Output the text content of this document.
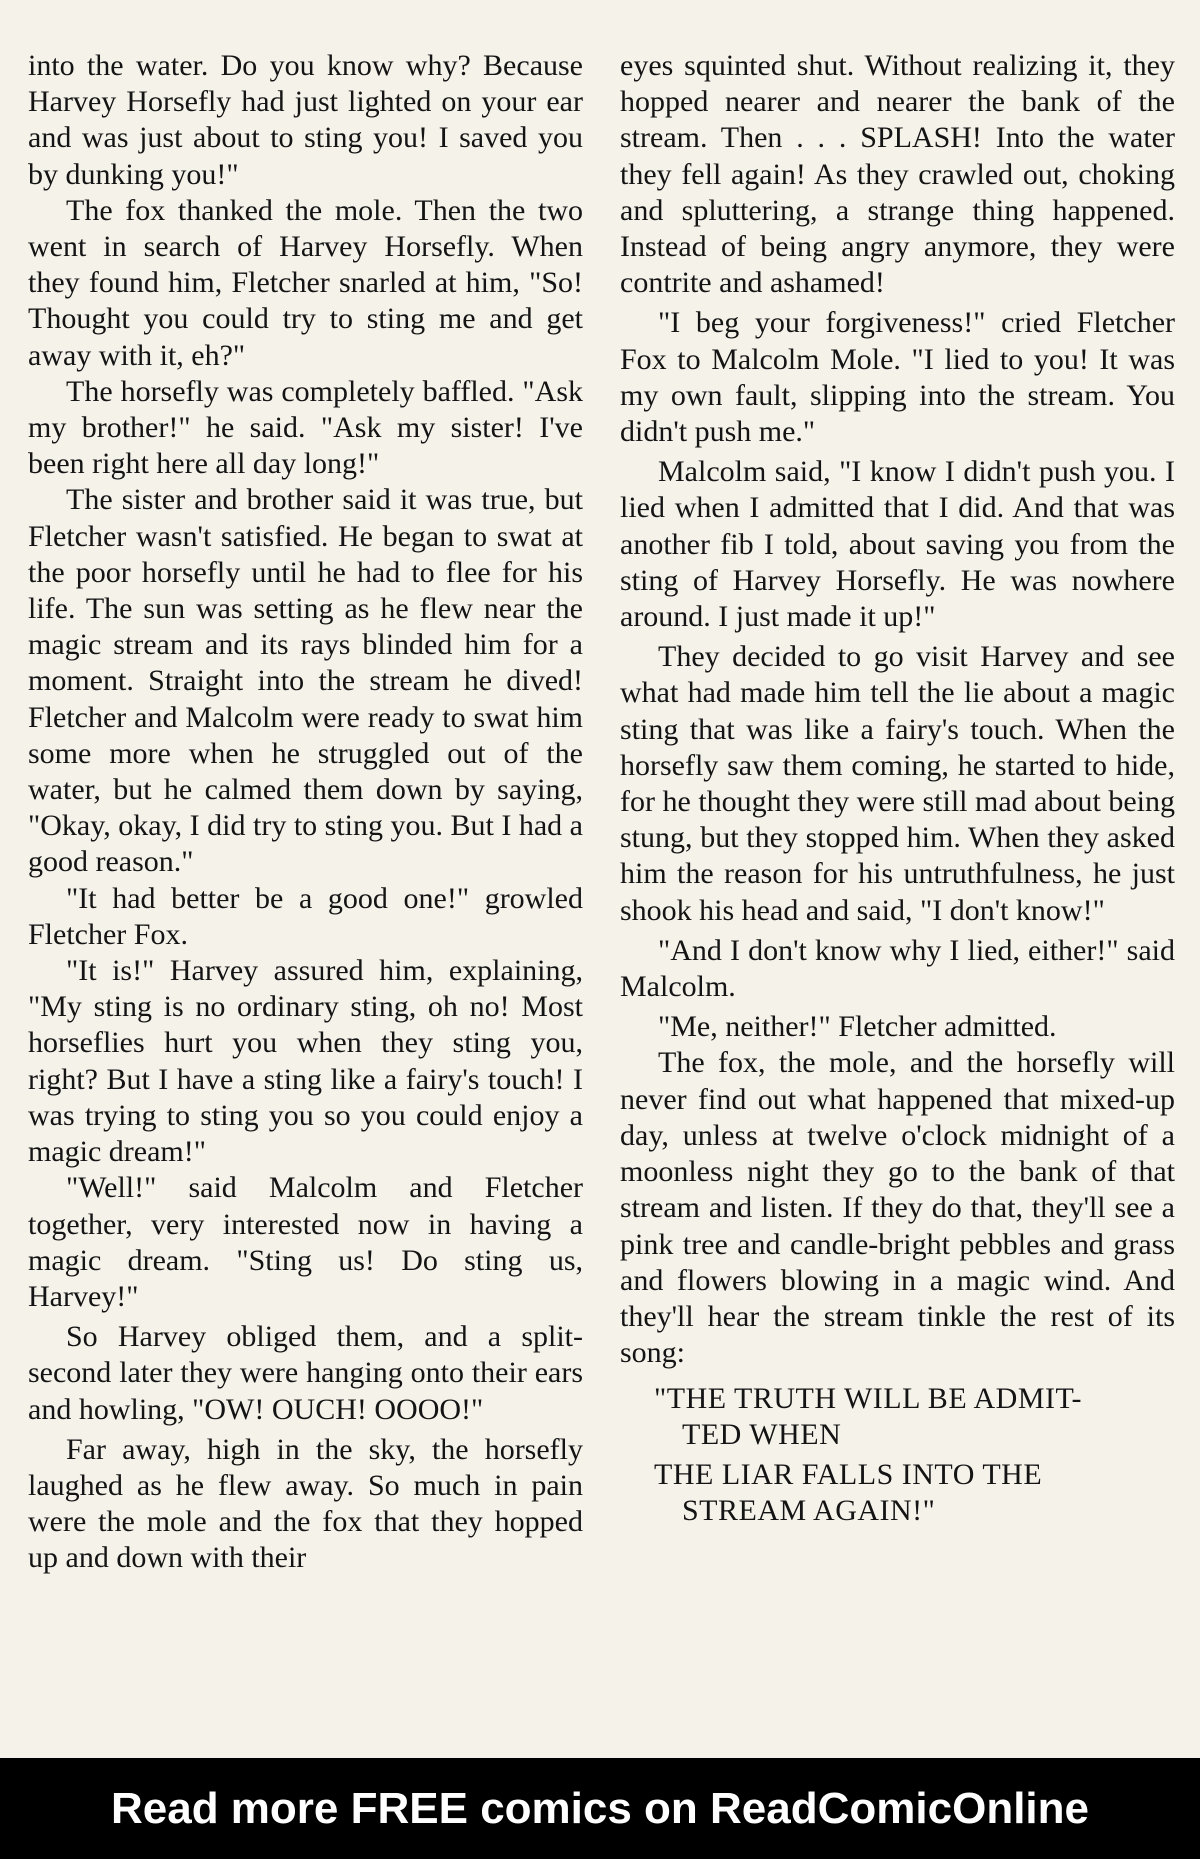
into the water. Do you know why? Because Harvey Horsefly had just lighted on your ear and was just about to sting you! I saved you by dunking you!"

The fox thanked the mole. Then the two went in search of Harvey Horsefly. When they found him, Fletcher snarled at him, "So! Thought you could try to sting me and get away with it, eh?"

The horsefly was completely baffled. "Ask my brother!" he said. "Ask my sister! I've been right here all day long!"

The sister and brother said it was true, but Fletcher wasn't satisfied. He began to swat at the poor horsefly until he had to flee for his life. The sun was setting as he flew near the magic stream and its rays blinded him for a moment. Straight into the stream he dived! Fletcher and Malcolm were ready to swat him some more when he struggled out of the water, but he calmed them down by saying, "Okay, okay, I did try to sting you. But I had a good reason."

"It had better be a good one!" growled Fletcher Fox.

"It is!" Harvey assured him, explaining, "My sting is no ordinary sting, oh no! Most horseflies hurt you when they sting you, right? But I have a sting like a fairy's touch! I was trying to sting you so you could enjoy a magic dream!"

"Well!" said Malcolm and Fletcher together, very interested now in having a magic dream. "Sting us! Do sting us, Harvey!"

So Harvey obliged them, and a split-second later they were hanging onto their ears and howling, "OW! OUCH! OOOO!"

Far away, high in the sky, the horsefly laughed as he flew away. So much in pain were the mole and the fox that they hopped up and down with their

eyes squinted shut. Without realizing it, they hopped nearer and nearer the bank of the stream. Then . . . SPLASH! Into the water they fell again! As they crawled out, choking and spluttering, a strange thing happened. Instead of being angry anymore, they were contrite and ashamed!

"I beg your forgiveness!" cried Fletcher Fox to Malcolm Mole. "I lied to you! It was my own fault, slipping into the stream. You didn't push me."

Malcolm said, "I know I didn't push you. I lied when I admitted that I did. And that was another fib I told, about saving you from the sting of Harvey Horsefly. He was nowhere around. I just made it up!"

They decided to go visit Harvey and see what had made him tell the lie about a magic sting that was like a fairy's touch. When the horsefly saw them coming, he started to hide, for he thought they were still mad about being stung, but they stopped him. When they asked him the reason for his untruthfulness, he just shook his head and said, "I don't know!"

"And I don't know why I lied, either!" said Malcolm.

"Me, neither!" Fletcher admitted.

The fox, the mole, and the horsefly will never find out what happened that mixed-up day, unless at twelve o'clock midnight of a moonless night they go to the bank of that stream and listen. If they do that, they'll see a pink tree and candle-bright pebbles and grass and flowers blowing in a magic wind. And they'll hear the stream tinkle the rest of its song:

"THE TRUTH WILL BE ADMIT-
TED WHEN
THE LIAR FALLS INTO THE
STREAM AGAIN!"
Read more FREE comics on ReadComicOnline
